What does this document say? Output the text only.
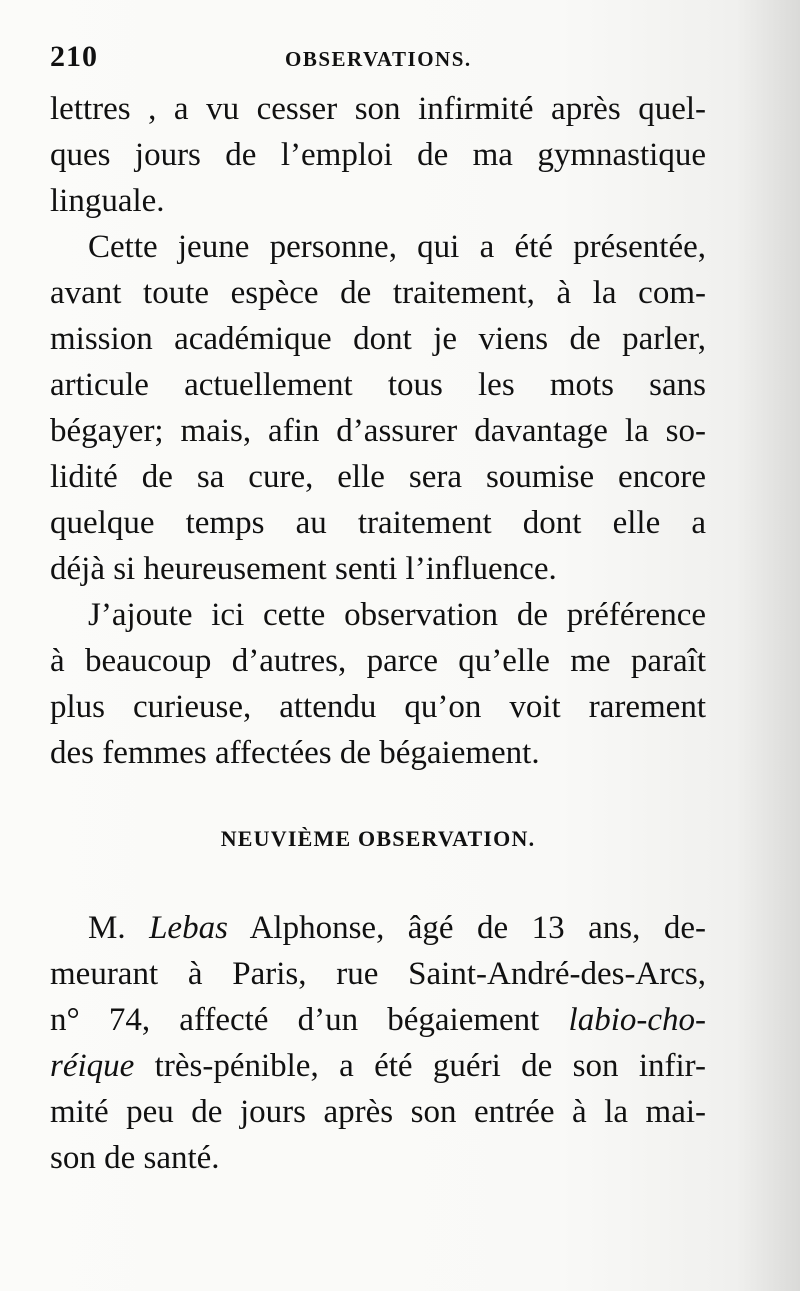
210	OBSERVATIONS.
lettres , a vu cesser son infirmité après quel-
ques jours de l’emploi de ma gymnastique
linguale.
Cette jeune personne, qui a été présentée,
avant toute espèce de traitement, à la com-
mission académique dont je viens de parler,
articule actuellement tous les mots sans
bégayer; mais, afin d’assurer davantage la so-
lidité de sa cure, elle sera soumise encore
quelque temps au traitement dont elle a
déjà si heureusement senti l’influence.
J’ajoute ici cette observation de préférence
à beaucoup d’autres, parce qu’elle me paraît
plus curieuse, attendu qu’on voit rarement
des femmes affectées de bégaiement.
NEUVIÈME OBSERVATION.
M. Lebas Alphonse, âgé de 13 ans, de-
meurant à Paris, rue Saint-André-des-Arcs,
n° 74, affecté d’un bégaiement labio-cho-
réique très-pénible, a été guéri de son infir-
mité peu de jours après son entrée à la mai-
son de santé.
